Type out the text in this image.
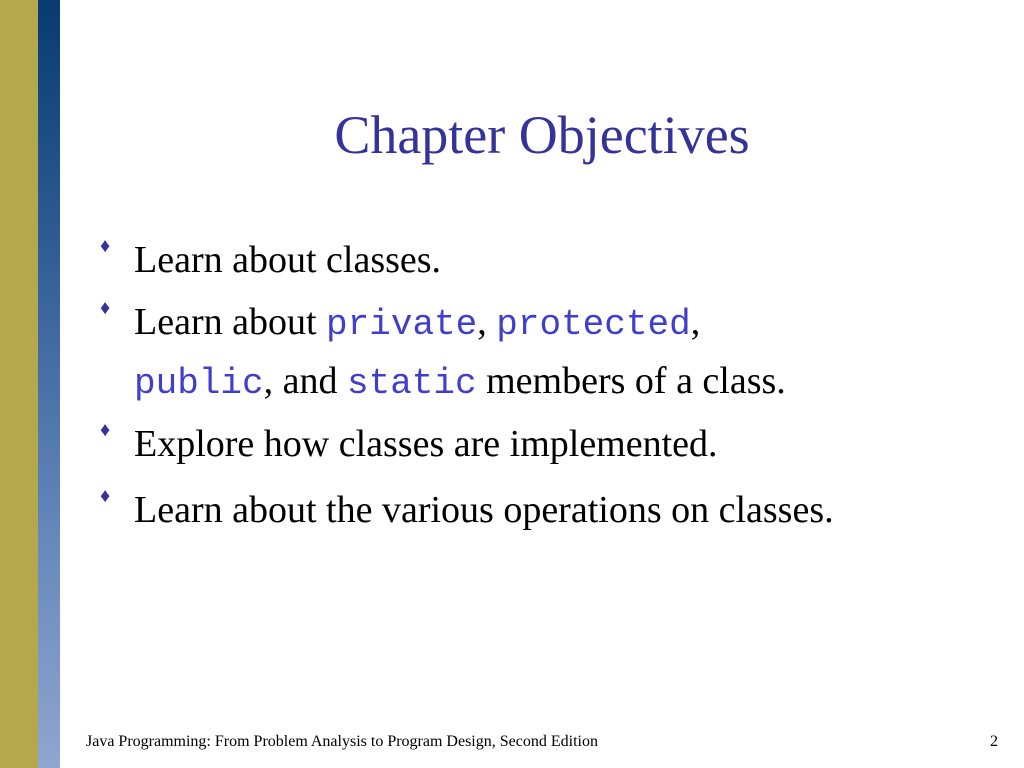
Chapter Objectives
♦ Learn about classes.
♦ Learn about private, protected,
public, and static members of a class.
♦ Explore how classes are implemented.
♦ Learn about the various operations on classes.
Java Programming: From Problem Analysis to Program Design, Second Edition	2
